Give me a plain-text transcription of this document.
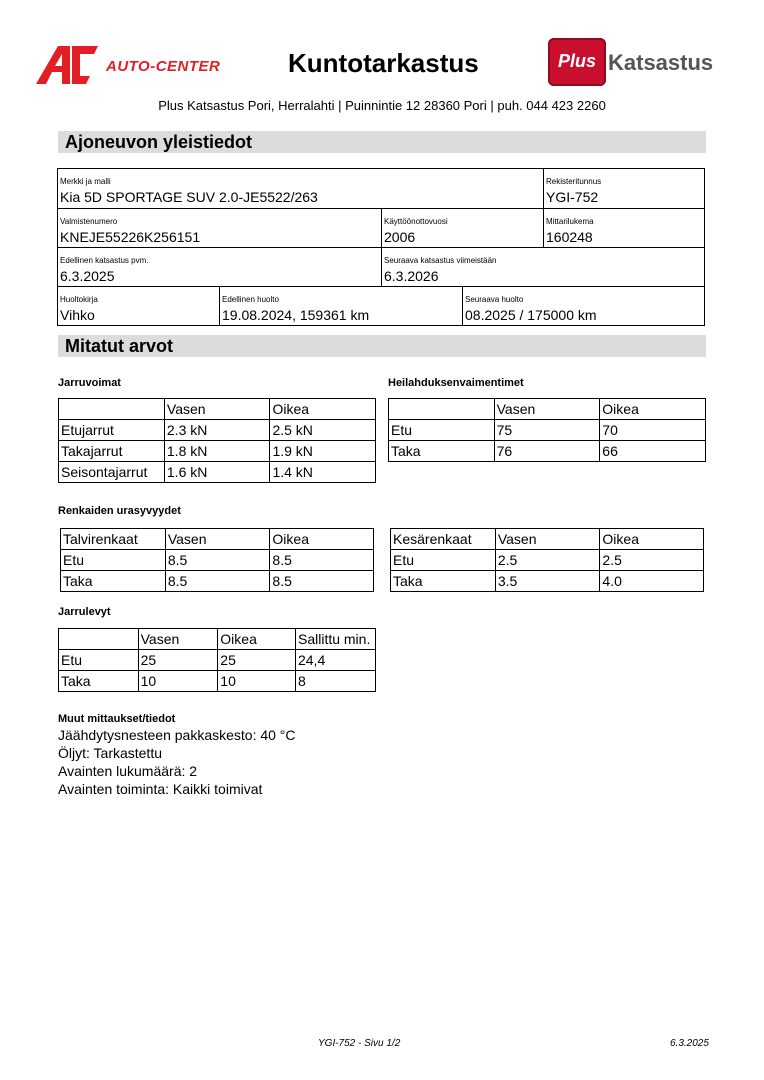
AUTO-CENTER	Kuntotarkastus	Plus Katsastus
Plus Katsastus Pori, Herralahti | Puinnintie 12 28360 Pori | puh. 044 423 2260
Ajoneuvon yleistiedot
Merkki ja malli
Kia 5D SPORTAGE SUV 2.0-JE5522/263
Rekisteritunnus
YGI-752
Valmistenumero
KNEJE55226K256151
Käyttöönottovuosi
2006
Mittarilukema
160248
Edellinen katsastus pvm.
6.3.2025
Seuraava katsastus viimeistään
6.3.2026
Huoltokirja
Vihko
Edellinen huolto
19.08.2024, 159361 km
Seuraava huolto
08.2025 / 175000 km
Mitatut arvot
Jarruvoimat
	Vasen	Oikea
Etujarrut	2.3 kN	2.5 kN
Takajarrut	1.8 kN	1.9 kN
Seisontajarrut	1.6 kN	1.4 kN
Heilahduksenvaimentimet
	Vasen	Oikea
Etu	75	70
Taka	76	66
Renkaiden urasyvyydet
Talvirenkaat	Vasen	Oikea
Etu	8.5	8.5
Taka	8.5	8.5
Kesärenkaat	Vasen	Oikea
Etu	2.5	2.5
Taka	3.5	4.0
Jarrulevyt
	Vasen	Oikea	Sallittu min.
Etu	25	25	24,4
Taka	10	10	8
Muut mittaukset/tiedot
Jäähdytysnesteen pakkaskesto: 40 °C
Öljyt: Tarkastettu
Avainten lukumäärä: 2
Avainten toiminta: Kaikki toimivat
YGI-752 - Sivu 1/2	6.3.2025
